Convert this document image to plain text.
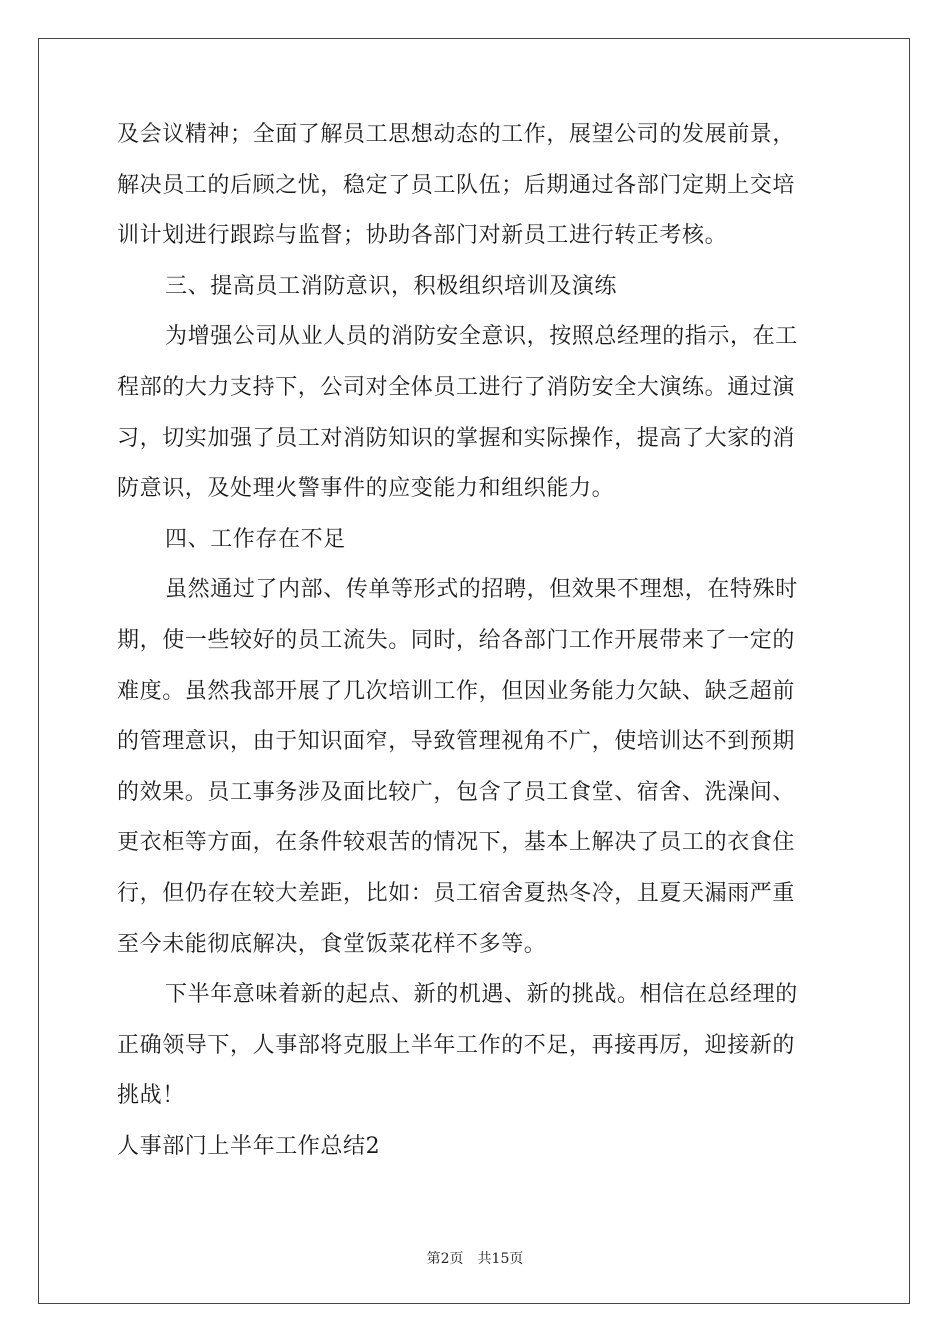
及会议精神；全面了解员工思想动态的工作，展望公司的发展前景，
解决员工的后顾之忧，稳定了员工队伍；后期通过各部门定期上交培
训计划进行跟踪与监督；协助各部门对新员工进行转正考核。
三、提高员工消防意识，积极组织培训及演练
为增强公司从业人员的消防安全意识，按照总经理的指示，在工
程部的大力支持下，公司对全体员工进行了消防安全大演练。通过演
习，切实加强了员工对消防知识的掌握和实际操作，提高了大家的消
防意识，及处理火警事件的应变能力和组织能力。
四、工作存在不足
虽然通过了内部、传单等形式的招聘，但效果不理想，在特殊时
期，使一些较好的员工流失。同时，给各部门工作开展带来了一定的
难度。虽然我部开展了几次培训工作，但因业务能力欠缺、缺乏超前
的管理意识，由于知识面窄，导致管理视角不广，使培训达不到预期
的效果。员工事务涉及面比较广，包含了员工食堂、宿舍、洗澡间、
更衣柜等方面，在条件较艰苦的情况下，基本上解决了员工的衣食住
行，但仍存在较大差距，比如：员工宿舍夏热冬冷，且夏天漏雨严重
至今未能彻底解决，食堂饭菜花样不多等。
下半年意味着新的起点、新的机遇、新的挑战。相信在总经理的
正确领导下，人事部将克服上半年工作的不足，再接再厉，迎接新的
挑战！
人事部门上半年工作总结2
第2页 共15页
